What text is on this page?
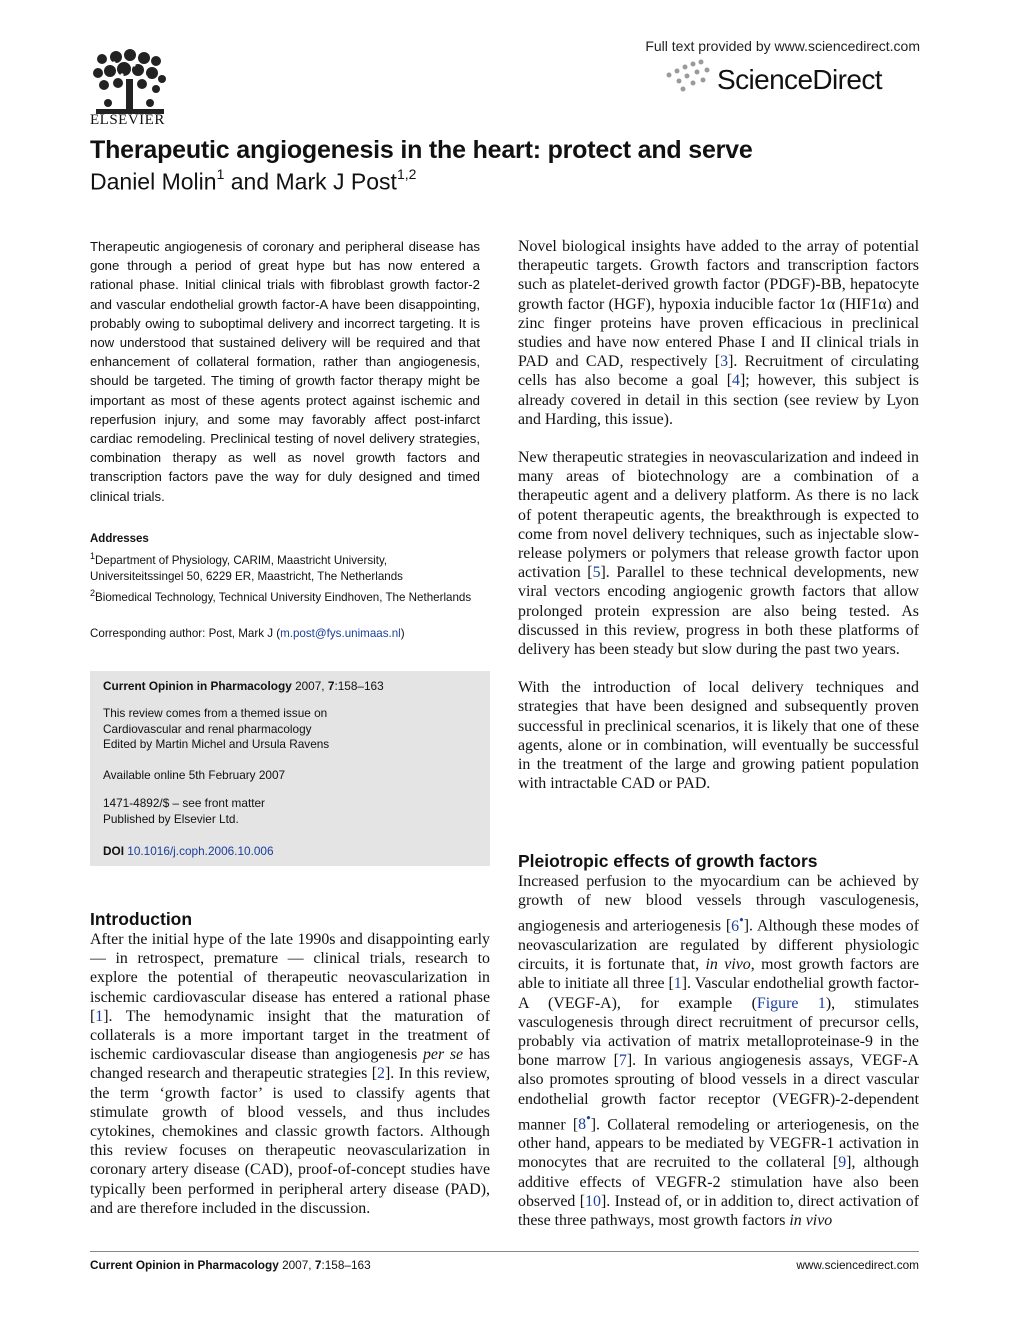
ELSEVIER
Full text provided by www.sciencedirect.com
ScienceDirect
Therapeutic angiogenesis in the heart: protect and serve
Daniel Molin$^1$ and Mark J Post$^{1,2}$
Therapeutic angiogenesis of coronary and peripheral disease has gone through a period of great hype but has now entered a rational phase. Initial clinical trials with fibroblast growth factor-2 and vascular endothelial growth factor-A have been disappointing, probably owing to suboptimal delivery and incorrect targeting. It is now understood that sustained delivery will be required and that enhancement of collateral formation, rather than angiogenesis, should be targeted. The timing of growth factor therapy might be important as most of these agents protect against ischemic and reperfusion injury, and some may favorably affect post-infarct cardiac remodeling. Preclinical testing of novel delivery strategies, combination therapy as well as novel growth factors and transcription factors pave the way for duly designed and timed clinical trials.
Addresses
$^1$Department of Physiology, CARIM, Maastricht University, Universiteitssingel 50, 6229 ER, Maastricht, The Netherlands
$^2$Biomedical Technology, Technical University Eindhoven, The Netherlands
Corresponding author: Post, Mark J (m.post@fys.unimaas.nl)
Current Opinion in Pharmacology 2007, 7:158–163
This review comes from a themed issue on
Cardiovascular and renal pharmacology
Edited by Martin Michel and Ursula Ravens
Available online 5th February 2007
1471-4892/$ – see front matter
Published by Elsevier Ltd.
DOI 10.1016/j.coph.2006.10.006
Introduction
After the initial hype of the late 1990s and disappointing early — in retrospect, premature — clinical trials, research to explore the potential of therapeutic neovascularization in ischemic cardiovascular disease has entered a rational phase [1]. The hemodynamic insight that the maturation of collaterals is a more important target in the treatment of ischemic cardiovascular disease than angiogenesis per se has changed research and therapeutic strategies [2]. In this review, the term ‘growth factor’ is used to classify agents that stimulate growth of blood vessels, and thus includes cytokines, chemokines and classic growth factors. Although this review focuses on therapeutic neovascularization in coronary artery disease (CAD), proof-of-concept studies have typically been performed in peripheral artery disease (PAD), and are therefore included in the discussion.

Novel biological insights have added to the array of potential therapeutic targets. Growth factors and transcription factors such as platelet-derived growth factor (PDGF)-BB, hepatocyte growth factor (HGF), hypoxia inducible factor 1α (HIF1α) and zinc finger proteins have proven efficacious in preclinical studies and have now entered Phase I and II clinical trials in PAD and CAD, respectively [3]. Recruitment of circulating cells has also become a goal [4]; however, this subject is already covered in detail in this section (see review by Lyon and Harding, this issue).

New therapeutic strategies in neovascularization and indeed in many areas of biotechnology are a combination of a therapeutic agent and a delivery platform. As there is no lack of potent therapeutic agents, the breakthrough is expected to come from novel delivery techniques, such as injectable slow-release polymers or polymers that release growth factor upon activation [5]. Parallel to these technical developments, new viral vectors encoding angiogenic growth factors that allow prolonged protein expression are also being tested. As discussed in this review, progress in both these platforms of delivery has been steady but slow during the past two years.

With the introduction of local delivery techniques and strategies that have been designed and subsequently proven successful in preclinical scenarios, it is likely that one of these agents, alone or in combination, will eventually be successful in the treatment of the large and growing patient population with intractable CAD or PAD.

Pleiotropic effects of growth factors
Increased perfusion to the myocardium can be achieved by growth of new blood vessels through vasculogenesis, angiogenesis and arteriogenesis [6•]. Although these modes of neovascularization are regulated by different physiologic circuits, it is fortunate that, in vivo, most growth factors are able to initiate all three [1]. Vascular endothelial growth factor-A (VEGF-A), for example (Figure 1), stimulates vasculogenesis through direct recruitment of precursor cells, probably via activation of matrix metalloproteinase-9 in the bone marrow [7]. In various angiogenesis assays, VEGF-A also promotes sprouting of blood vessels in a direct vascular endothelial growth factor receptor (VEGFR)-2-dependent manner [8•]. Collateral remodeling or arteriogenesis, on the other hand, appears to be mediated by VEGFR-1 activation in monocytes that are recruited to the collateral [9], although additive effects of VEGFR-2 stimulation have also been observed [10]. Instead of, or in addition to, direct activation of these three pathways, most growth factors in vivo
Current Opinion in Pharmacology 2007, 7:158–163	www.sciencedirect.com
